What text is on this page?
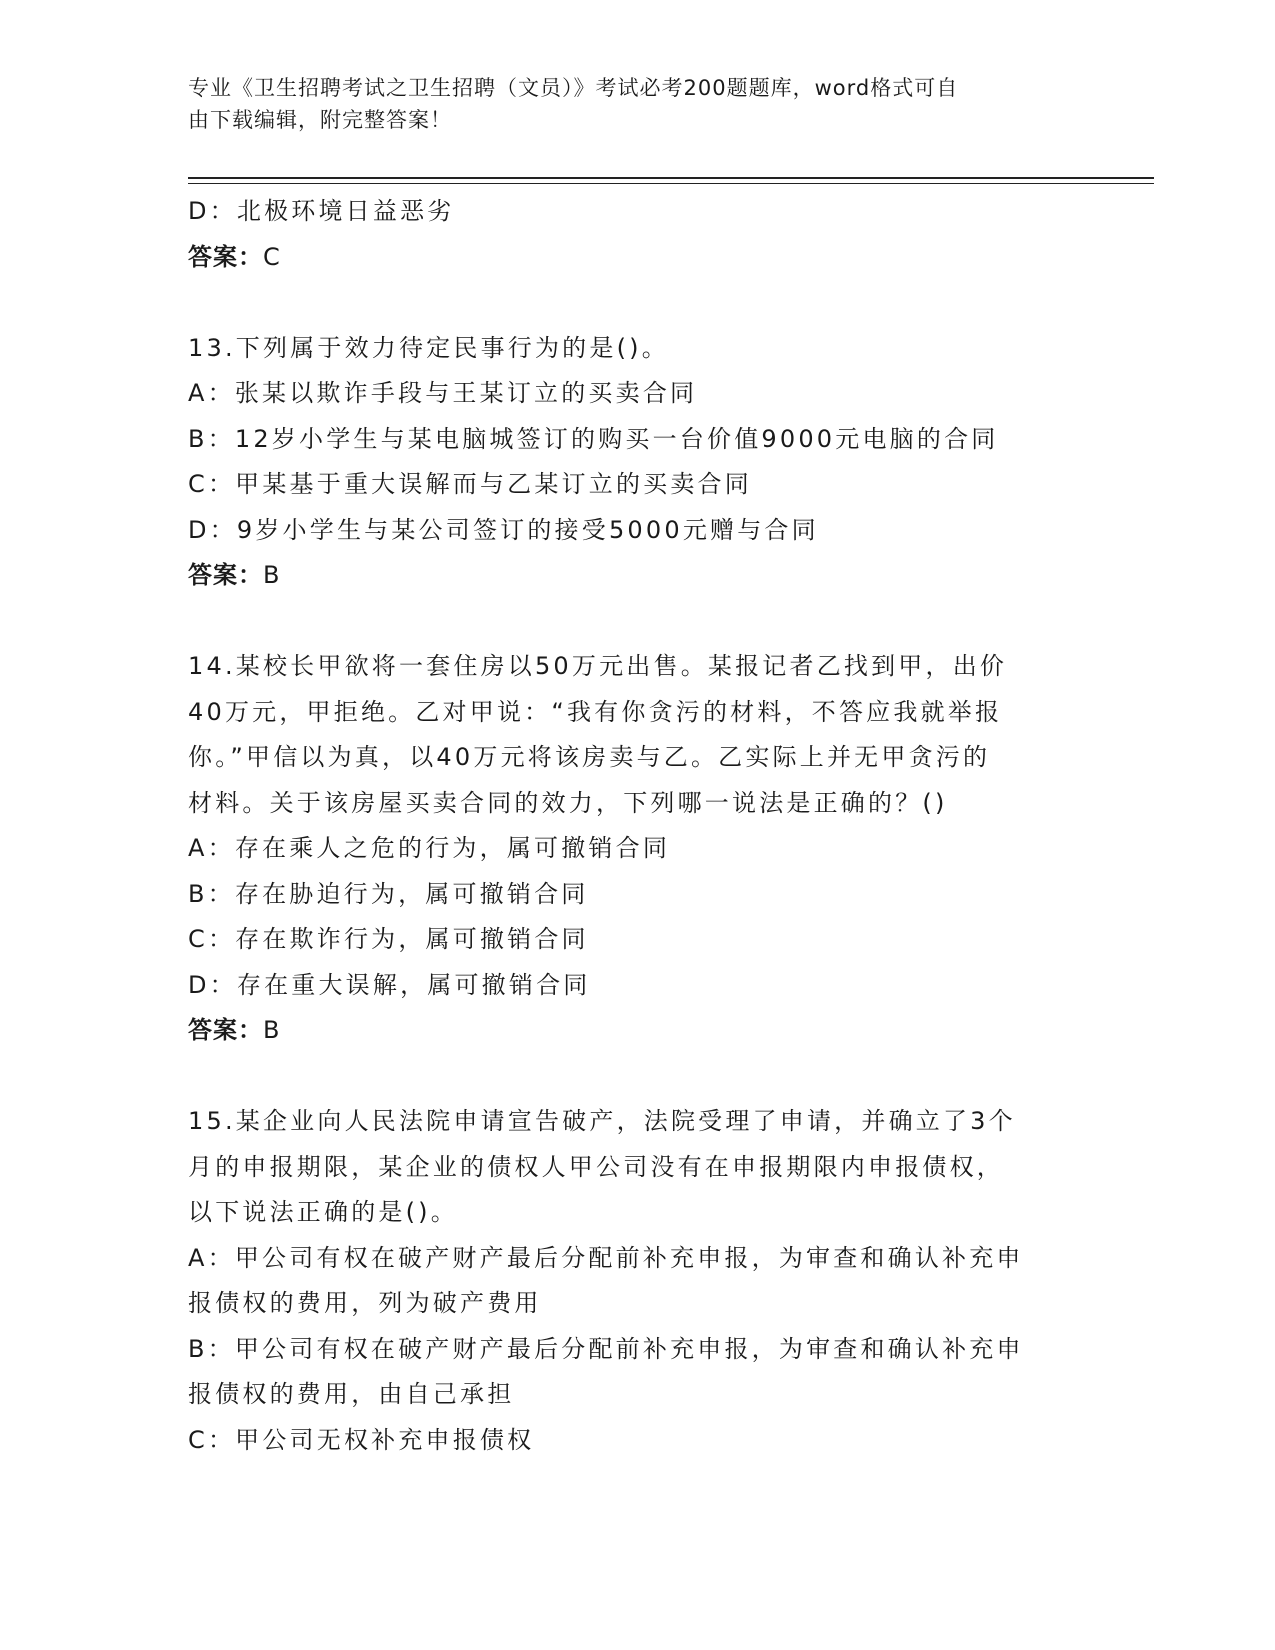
专业《卫生招聘考试之卫生招聘（文员）》考试必考200题题库，word格式可自
由下载编辑，附完整答案！
D：北极环境日益恶劣
答案：C
13.下列属于效力待定民事行为的是()。
A：张某以欺诈手段与王某订立的买卖合同
B：12岁小学生与某电脑城签订的购买一台价值9000元电脑的合同
C：甲某基于重大误解而与乙某订立的买卖合同
D：9岁小学生与某公司签订的接受5000元赠与合同
答案：B
14.某校长甲欲将一套住房以50万元出售。某报记者乙找到甲，出价
40万元，甲拒绝。乙对甲说：“我有你贪污的材料，不答应我就举报
你。”甲信以为真，以40万元将该房卖与乙。乙实际上并无甲贪污的
材料。关于该房屋买卖合同的效力，下列哪一说法是正确的？()
A：存在乘人之危的行为，属可撤销合同
B：存在胁迫行为，属可撤销合同
C：存在欺诈行为，属可撤销合同
D：存在重大误解，属可撤销合同
答案：B
15.某企业向人民法院申请宣告破产，法院受理了申请，并确立了3个
月的申报期限，某企业的债权人甲公司没有在申报期限内申报债权，
以下说法正确的是()。
A：甲公司有权在破产财产最后分配前补充申报，为审查和确认补充申
报债权的费用，列为破产费用
B：甲公司有权在破产财产最后分配前补充申报，为审查和确认补充申
报债权的费用，由自己承担
C：甲公司无权补充申报债权
